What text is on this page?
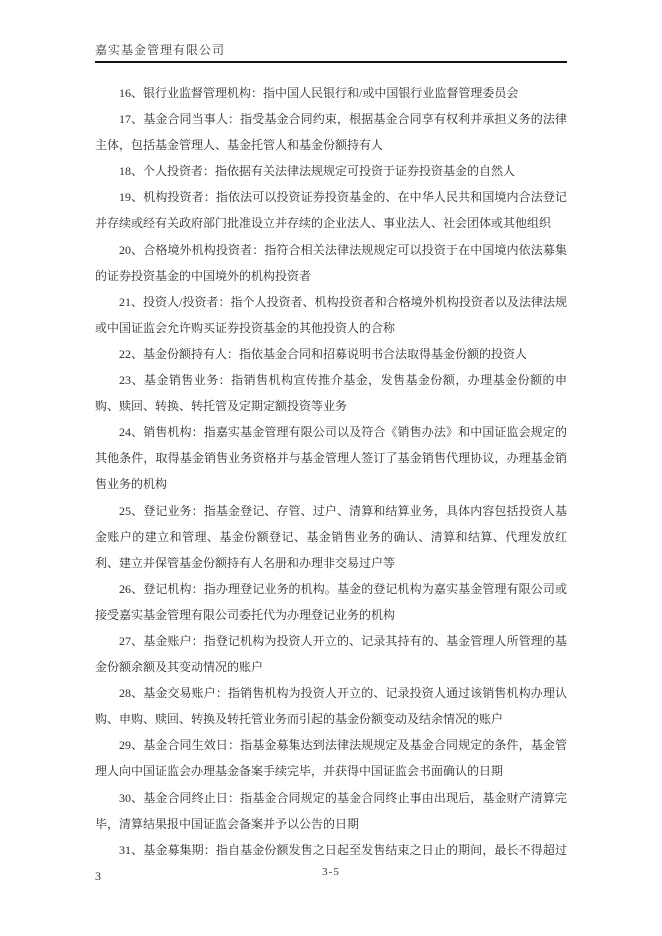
嘉实基金管理有限公司

16、银行业监督管理机构：指中国人民银行和/或中国银行业监督管理委员会

17、基金合同当事人：指受基金合同约束，根据基金合同享有权利并承担义务的法律主体，包括基金管理人、基金托管人和基金份额持有人

18、个人投资者：指依据有关法律法规规定可投资于证券投资基金的自然人

19、机构投资者：指依法可以投资证券投资基金的、在中华人民共和国境内合法登记并存续或经有关政府部门批准设立并存续的企业法人、事业法人、社会团体或其他组织

20、合格境外机构投资者：指符合相关法律法规规定可以投资于在中国境内依法募集的证券投资基金的中国境外的机构投资者

21、投资人/投资者：指个人投资者、机构投资者和合格境外机构投资者以及法律法规或中国证监会允许购买证券投资基金的其他投资人的合称

22、基金份额持有人：指依基金合同和招募说明书合法取得基金份额的投资人

23、基金销售业务：指销售机构宣传推介基金，发售基金份额，办理基金份额的申购、赎回、转换、转托管及定期定额投资等业务

24、销售机构：指嘉实基金管理有限公司以及符合《销售办法》和中国证监会规定的其他条件，取得基金销售业务资格并与基金管理人签订了基金销售代理协议，办理基金销售业务的机构

25、登记业务：指基金登记、存管、过户、清算和结算业务，具体内容包括投资人基金账户的建立和管理、基金份额登记、基金销售业务的确认、清算和结算、代理发放红利、建立并保管基金份额持有人名册和办理非交易过户等

26、登记机构：指办理登记业务的机构。基金的登记机构为嘉实基金管理有限公司或接受嘉实基金管理有限公司委托代为办理登记业务的机构

27、基金账户：指登记机构为投资人开立的、记录其持有的、基金管理人所管理的基金份额余额及其变动情况的账户

28、基金交易账户：指销售机构为投资人开立的、记录投资人通过该销售机构办理认购、申购、赎回、转换及转托管业务而引起的基金份额变动及结余情况的账户

29、基金合同生效日：指基金募集达到法律法规规定及基金合同规定的条件，基金管理人向中国证监会办理基金备案手续完毕，并获得中国证监会书面确认的日期

30、基金合同终止日：指基金合同规定的基金合同终止事由出现后，基金财产清算完毕，清算结果报中国证监会备案并予以公告的日期

31、基金募集期：指自基金份额发售之日起至发售结束之日止的期间，最长不得超过 3	3-5
